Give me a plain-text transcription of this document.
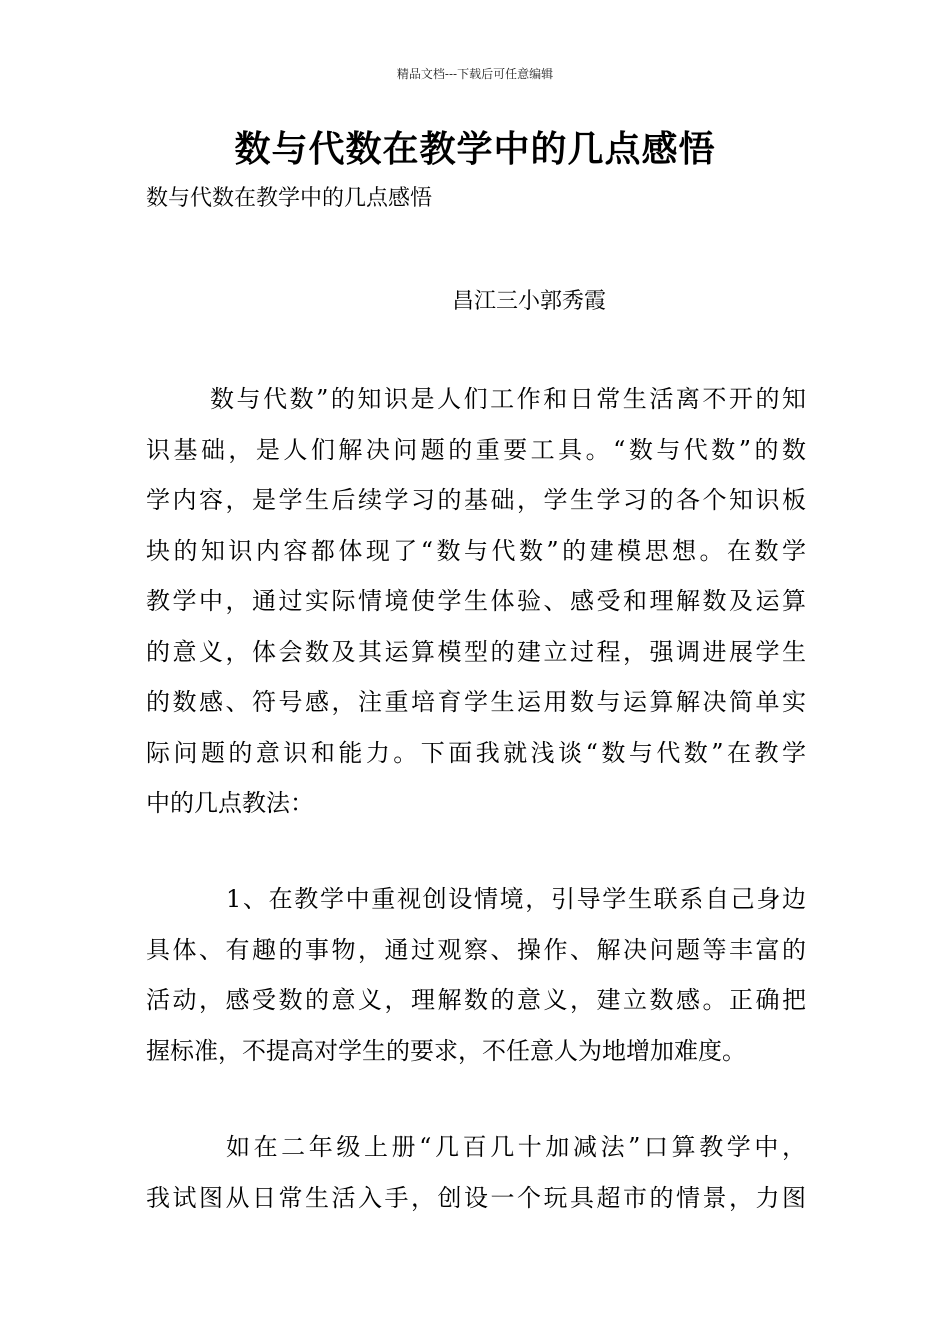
精品文档---下载后可任意编辑
数与代数在教学中的几点感悟
数与代数在教学中的几点感悟
昌江三小郭秀霞
数与代数”的知识是人们工作和日常生活离不开的知
识基础，是人们解决问题的重要工具。“数与代数”的数
学内容，是学生后续学习的基础，学生学习的各个知识板
块的知识内容都体现了“数与代数”的建模思想。在数学
教学中，通过实际情境使学生体验、感受和理解数及运算
的意义，体会数及其运算模型的建立过程，强调进展学生
的数感、符号感，注重培育学生运用数与运算解决简单实
际问题的意识和能力。下面我就浅谈“数与代数”在教学
中的几点教法：
1、在教学中重视创设情境，引导学生联系自己身边
具体、有趣的事物，通过观察、操作、解决问题等丰富的
活动，感受数的意义，理解数的意义，建立数感。正确把
握标准，不提高对学生的要求，不任意人为地增加难度。
如在二年级上册“几百几十加减法”口算教学中，
我试图从日常生活入手，创设一个玩具超市的情景，力图
